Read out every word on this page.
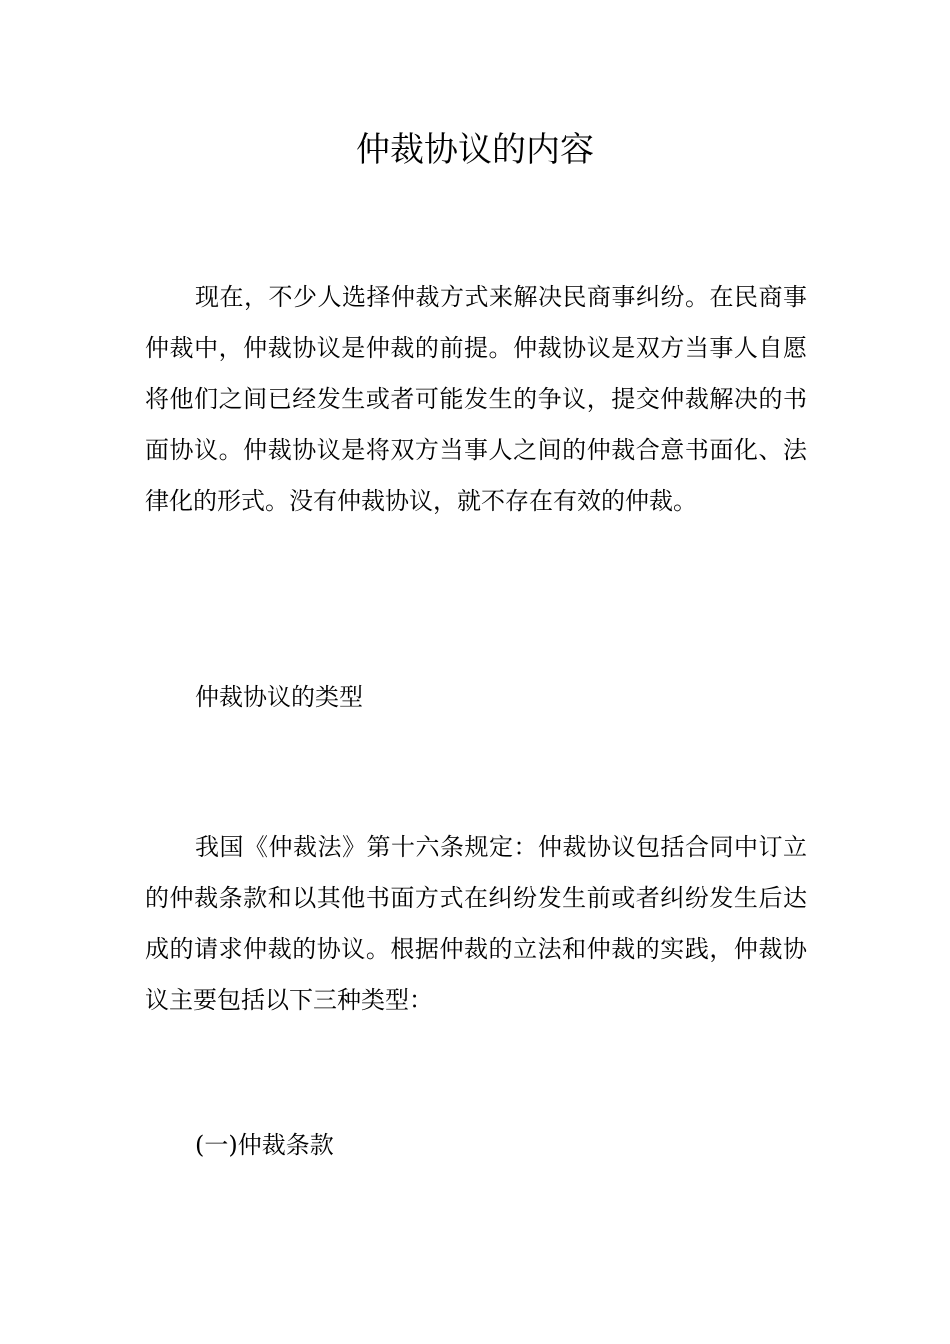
仲裁协议的内容

现在，不少人选择仲裁方式来解决民商事纠纷。在民商事仲裁中，仲裁协议是仲裁的前提。仲裁协议是双方当事人自愿将他们之间已经发生或者可能发生的争议，提交仲裁解决的书面协议。仲裁协议是将双方当事人之间的仲裁合意书面化、法律化的形式。没有仲裁协议，就不存在有效的仲裁。

仲裁协议的类型

我国《仲裁法》第十六条规定：仲裁协议包括合同中订立的仲裁条款和以其他书面方式在纠纷发生前或者纠纷发生后达成的请求仲裁的协议。根据仲裁的立法和仲裁的实践，仲裁协议主要包括以下三种类型：

(一)仲裁条款
